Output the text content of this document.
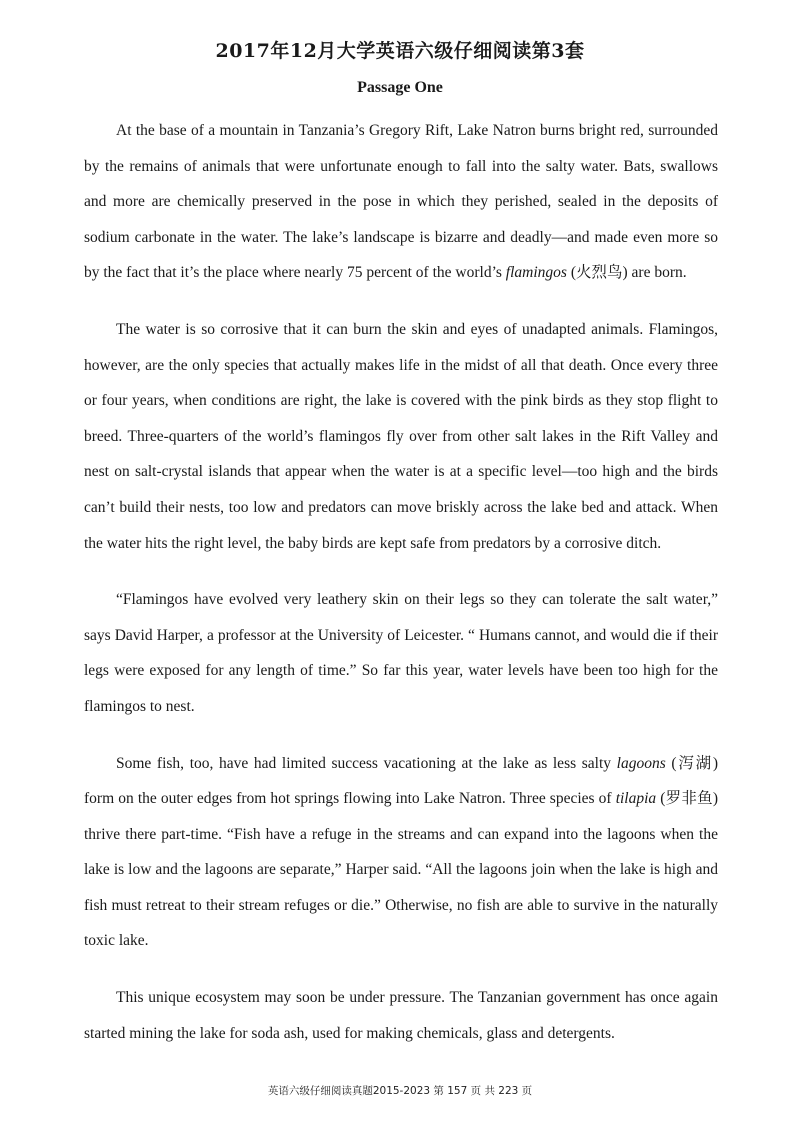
2017年12月大学英语六级仔细阅读第3套
Passage One

At the base of a mountain in Tanzania’s Gregory Rift, Lake Natron burns bright red, surrounded by the remains of animals that were unfortunate enough to fall into the salty water. Bats, swallows and more are chemically preserved in the pose in which they perished, sealed in the deposits of sodium carbonate in the water. The lake’s landscape is bizarre and deadly—and made even more so by the fact that it’s the place where nearly 75 percent of the world’s flamingos (火烈鸟) are born.

The water is so corrosive that it can burn the skin and eyes of unadapted animals. Flamingos, however, are the only species that actually makes life in the midst of all that death. Once every three or four years, when conditions are right, the lake is covered with the pink birds as they stop flight to breed. Three-quarters of the world’s flamingos fly over from other salt lakes in the Rift Valley and nest on salt-crystal islands that appear when the water is at a specific level—too high and the birds can’t build their nests, too low and predators can move briskly across the lake bed and attack. When the water hits the right level, the baby birds are kept safe from predators by a corrosive ditch.

“Flamingos have evolved very leathery skin on their legs so they can tolerate the salt water,” says David Harper, a professor at the University of Leicester. “ Humans cannot, and would die if their legs were exposed for any length of time.” So far this year, water levels have been too high for the flamingos to nest.

Some fish, too, have had limited success vacationing at the lake as less salty lagoons (泻湖) form on the outer edges from hot springs flowing into Lake Natron. Three species of tilapia (罗非鱼) thrive there part-time. “Fish have a refuge in the streams and can expand into the lagoons when the lake is low and the lagoons are separate,” Harper said. “All the lagoons join when the lake is high and fish must retreat to their stream refuges or die.” Otherwise, no fish are able to survive in the naturally toxic lake.

This unique ecosystem may soon be under pressure. The Tanzanian government has once again started mining the lake for soda ash, used for making chemicals, glass and detergents.

英语六级仔细阅读真题2015-2023 第 157 页 共 223 页
